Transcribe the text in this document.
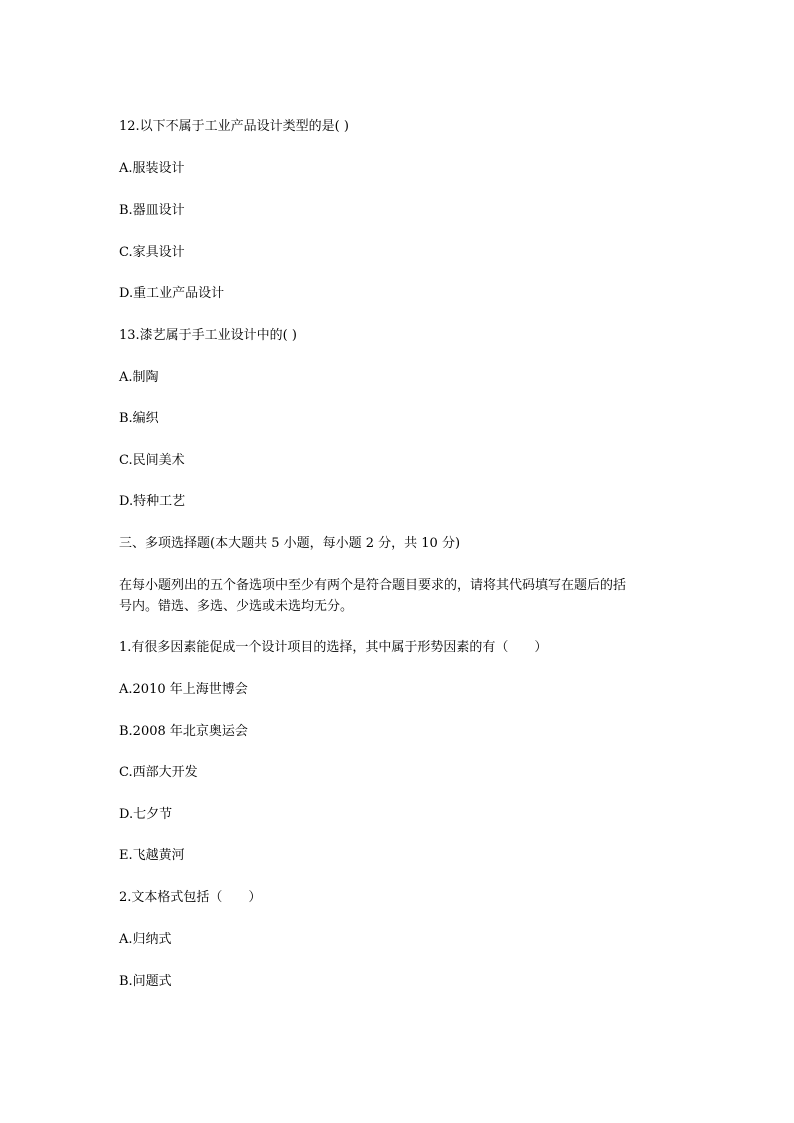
12.以下不属于工业产品设计类型的是( )
A.服装设计
B.器皿设计
C.家具设计
D.重工业产品设计
13.漆艺属于手工业设计中的( )
A.制陶
B.编织
C.民间美术
D.特种工艺
三、多项选择题(本大题共 5 小题，每小题 2 分，共 10 分)
在每小题列出的五个备选项中至少有两个是符合题目要求的，请将其代码填写在题后的括
号内。错选、多选、少选或未选均无分。
1.有很多因素能促成一个设计项目的选择，其中属于形势因素的有（　　）
A.2010 年上海世博会
B.2008 年北京奥运会
C.西部大开发
D.七夕节
E.飞越黄河
2.文本格式包括（　　）
A.归纳式
B.问题式
